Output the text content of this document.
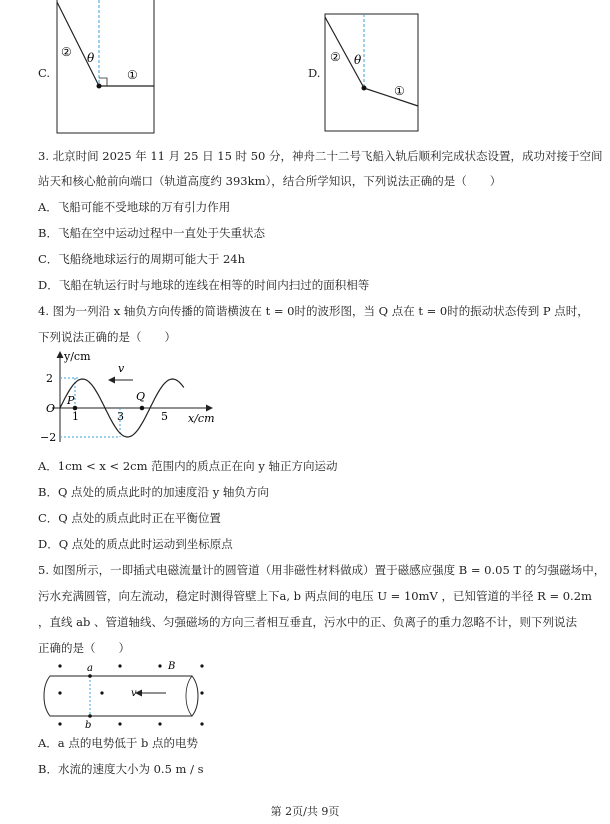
C.
② θ
①	D.
② θ
①
3. 北京时间 2025 年 11 月 25 日 15 时 50 分，神舟二十二号飞船入轨后顺利完成状态设置，成功对接于空间
站天和核心舱前向端口（轨道高度约 393km），结合所学知识，下列说法正确的是（　　）
A．飞船可能不受地球的万有引力作用
B．飞船在空中运动过程中一直处于失重状态
C．飞船绕地球运行的周期可能大于 24h
D．飞船在轨运行时与地球的连线在相等的时间内扫过的面积相等
4. 图为一列沿 x 轴负方向传播的简谐横波在 t = 0时的波形图，当 Q 点在 t = 0时的振动状态传到 P 点时，
下列说法正确的是（　　）
v
y/cm
x/cm
2
−2
O
1	3	5
P	Q
A．1cm < x < 2cm 范围内的质点正在向 y 轴正方向运动
B．Q 点处的质点此时的加速度沿 y 轴负方向
C．Q 点处的质点此时正在平衡位置
D．Q 点处的质点此时运动到坐标原点
5. 如图所示，一即插式电磁流量计的圆管道（用非磁性材料做成）置于磁感应强度 B = 0.05 T 的匀强磁场中，
污水充满圆管，向左流动，稳定时测得管壁上下a, b 两点间的电压 U = 10mV ，已知管道的半径 R = 0.2m
，直线 ab 、管道轴线、匀强磁场的方向三者相互垂直，污水中的正、负离子的重力忽略不计，则下列说法
正确的是（　　）
a
b
B
v
A．a 点的电势低于 b 点的电势
B．水流的速度大小为 0.5 m / s
第 2页/共 9页
